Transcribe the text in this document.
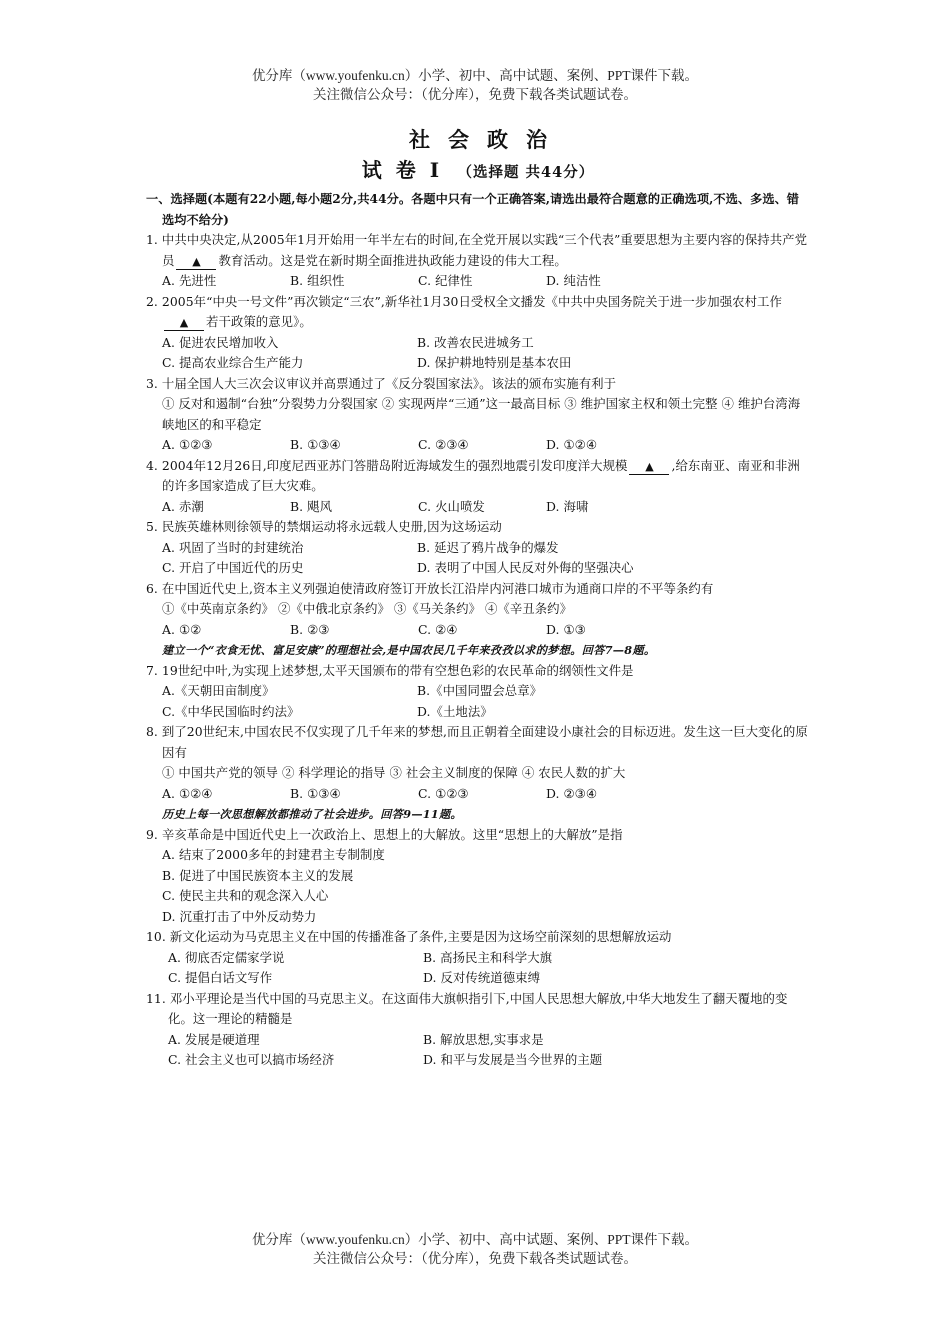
优分库（www.youfenku.cn）小学、初中、高中试题、案例、PPT课件下载。
关注微信公众号：（优分库），免费下载各类试题试卷。
社会政治
试卷Ⅰ （选择题 共44分）
一、选择题(本题有22小题,每小题2分,共44分。各题中只有一个正确答案,请选出最符合题意的正确选项,不选、多选、错选均不给分)
1. 中共中央决定,从2005年1月开始用一年半左右的时间,在全党开展以实践“三个代表”重要思想为主要内容的保持共产党员 ▲ 教育活动。这是党在新时期全面推进执政能力建设的伟大工程。
A. 先进性	B. 组织性	C. 纪律性	D. 纯洁性
2. 2005年“中央一号文件”再次锁定“三农”,新华社1月30日受权全文播发《中共中央国务院关于进一步加强农村工作▲ 若干政策的意见》。
A. 促进农民增加收入	B. 改善农民进城务工
C. 提高农业综合生产能力	D. 保护耕地特别是基本农田
3. 十届全国人大三次会议审议并高票通过了《反分裂国家法》。该法的颁布实施有利于
① 反对和遏制“台独”分裂势力分裂国家 ② 实现两岸“三通”这一最高目标 ③ 维护国家主权和领土完整 ④ 维护台湾海峡地区的和平稳定
A. ①②③	B. ①③④	C. ②③④	D. ①②④
4. 2004年12月26日,印度尼西亚苏门答腊岛附近海域发生的强烈地震引发印度洋大规模 ▲ ,给东南亚、南亚和非洲的许多国家造成了巨大灾难。
A. 赤潮	B. 飓风	C. 火山喷发	D. 海啸
5. 民族英雄林则徐领导的禁烟运动将永远载人史册,因为这场运动
A. 巩固了当时的封建统治	B. 延迟了鸦片战争的爆发
C. 开启了中国近代的历史	D. 表明了中国人民反对外侮的坚强决心
6. 在中国近代史上,资本主义列强迫使清政府签订开放长江沿岸内河港口城市为通商口岸的不平等条约有
①《中英南京条约》 ②《中俄北京条约》 ③《马关条约》 ④《辛丑条约》
A. ①②	B. ②③	C. ②④	D. ①③
建立一个“衣食无忧、富足安康”的理想社会,是中国农民几千年来孜孜以求的梦想。回答7—8题。
7. 19世纪中叶,为实现上述梦想,太平天国颁布的带有空想色彩的农民革命的纲领性文件是
A.《天朝田亩制度》	B.《中国同盟会总章》
C.《中华民国临时约法》	D.《土地法》
8. 到了20世纪末,中国农民不仅实现了几千年来的梦想,而且正朝着全面建设小康社会的目标迈进。发生这一巨大变化的原因有
① 中国共产党的领导 ② 科学理论的指导 ③ 社会主义制度的保障 ④ 农民人数的扩大
A. ①②④	B. ①③④	C. ①②③	D. ②③④
历史上每一次思想解放都推动了社会进步。回答9—11题。
9. 辛亥革命是中国近代史上一次政治上、思想上的大解放。这里“思想上的大解放”是指
A. 结束了2000多年的封建君主专制制度
B. 促进了中国民族资本主义的发展
C. 使民主共和的观念深入人心
D. 沉重打击了中外反动势力
10. 新文化运动为马克思主义在中国的传播准备了条件,主要是因为这场空前深刻的思想解放运动
A. 彻底否定儒家学说	B. 高扬民主和科学大旗
C. 提倡白话文写作	D. 反对传统道德束缚
11. 邓小平理论是当代中国的马克思主义。在这面伟大旗帜指引下,中国人民思想大解放,中华大地发生了翻天覆地的变化。这一理论的精髓是
A. 发展是硬道理	B. 解放思想,实事求是
C. 社会主义也可以搞市场经济	D. 和平与发展是当今世界的主题
优分库（www.youfenku.cn）小学、初中、高中试题、案例、PPT课件下载。
关注微信公众号：（优分库），免费下载各类试题试卷。
